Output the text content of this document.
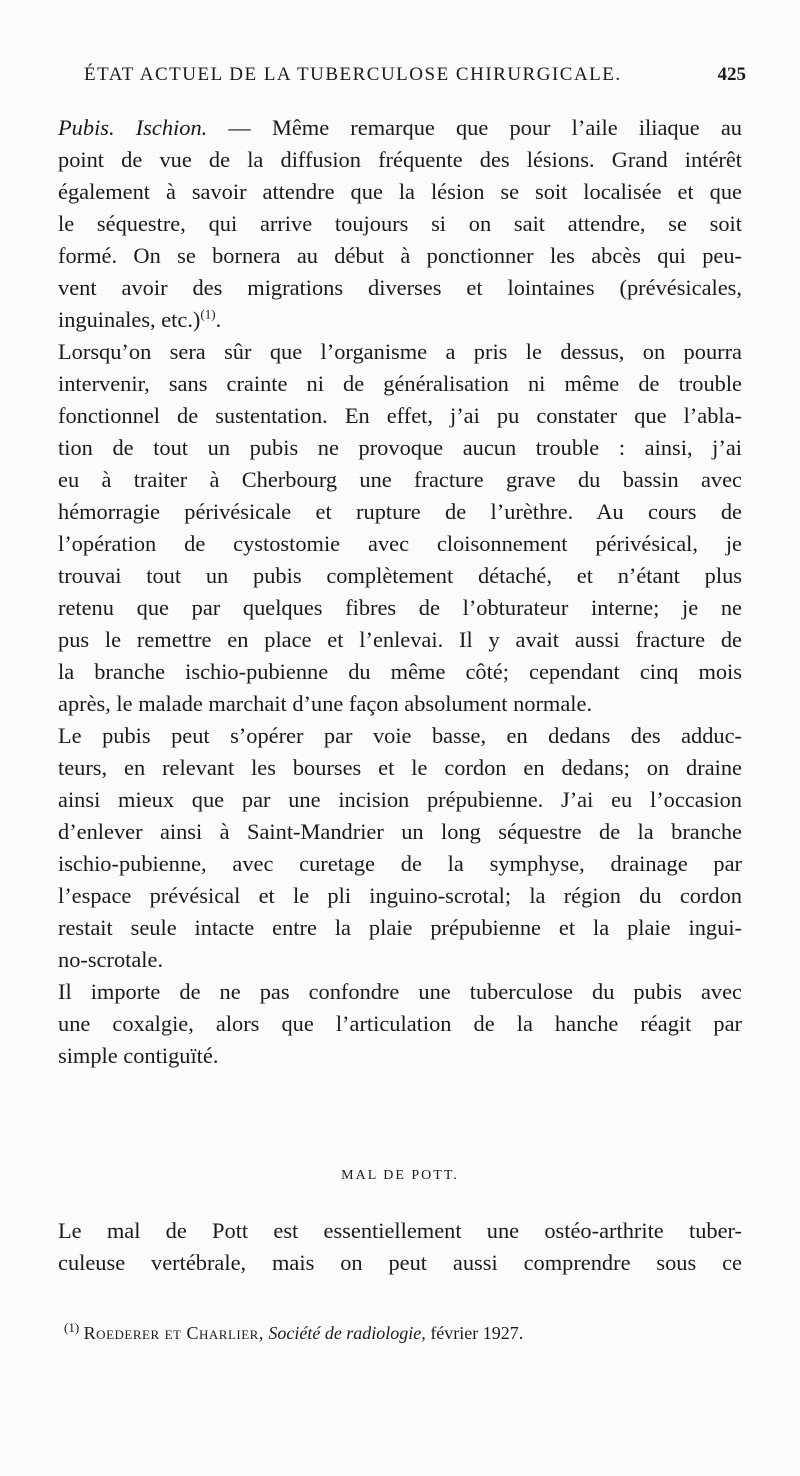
ÉTAT ACTUEL DE LA TUBERCULOSE CHIRURGICALE.	425

Pubis. Ischion. — Même remarque que pour l’aile iliaque au
point de vue de la diffusion fréquente des lésions. Grand intérêt
également à savoir attendre que la lésion se soit localisée et que
le séquestre, qui arrive toujours si on sait attendre, se soit
formé. On se bornera au début à ponctionner les abcès qui peu-
vent avoir des migrations diverses et lointaines (prévésicales,
inguinales, etc.)$^{(1)}$.

Lorsqu’on sera sûr que l’organisme a pris le dessus, on pourra
intervenir, sans crainte ni de généralisation ni même de trouble
fonctionnel de sustentation. En effet, j’ai pu constater que l’abla-
tion de tout un pubis ne provoque aucun trouble : ainsi, j’ai
eu à traiter à Cherbourg une fracture grave du bassin avec
hémorragie périvésicale et rupture de l’urèthre. Au cours de
l’opération de cystostomie avec cloisonnement périvésical, je
trouvai tout un pubis complètement détaché, et n’étant plus
retenu que par quelques fibres de l’obturateur interne; je ne
pus le remettre en place et l’enlevai. Il y avait aussi fracture de
la branche ischio-pubienne du même côté; cependant cinq mois
après, le malade marchait d’une façon absolument normale.

Le pubis peut s’opérer par voie basse, en dedans des adduc-
teurs, en relevant les bourses et le cordon en dedans; on draine
ainsi mieux que par une incision prépubienne. J’ai eu l’occasion
d’enlever ainsi à Saint-Mandrier un long séquestre de la branche
ischio-pubienne, avec curetage de la symphyse, drainage par
l’espace prévésical et le pli inguino-scrotal; la région du cordon
restait seule intacte entre la plaie prépubienne et la plaie ingui-
no-scrotale.

Il importe de ne pas confondre une tuberculose du pubis avec
une coxalgie, alors que l’articulation de la hanche réagit par
simple contiguïté.

MAL DE POTT.
Le mal de Pott est essentiellement une ostéo-arthrite tuber-
culeuse vertébrale, mais on peut aussi comprendre sous ce
$^{(1)}$ Roederer et Charlier, Société de radiologie, février 1927.
